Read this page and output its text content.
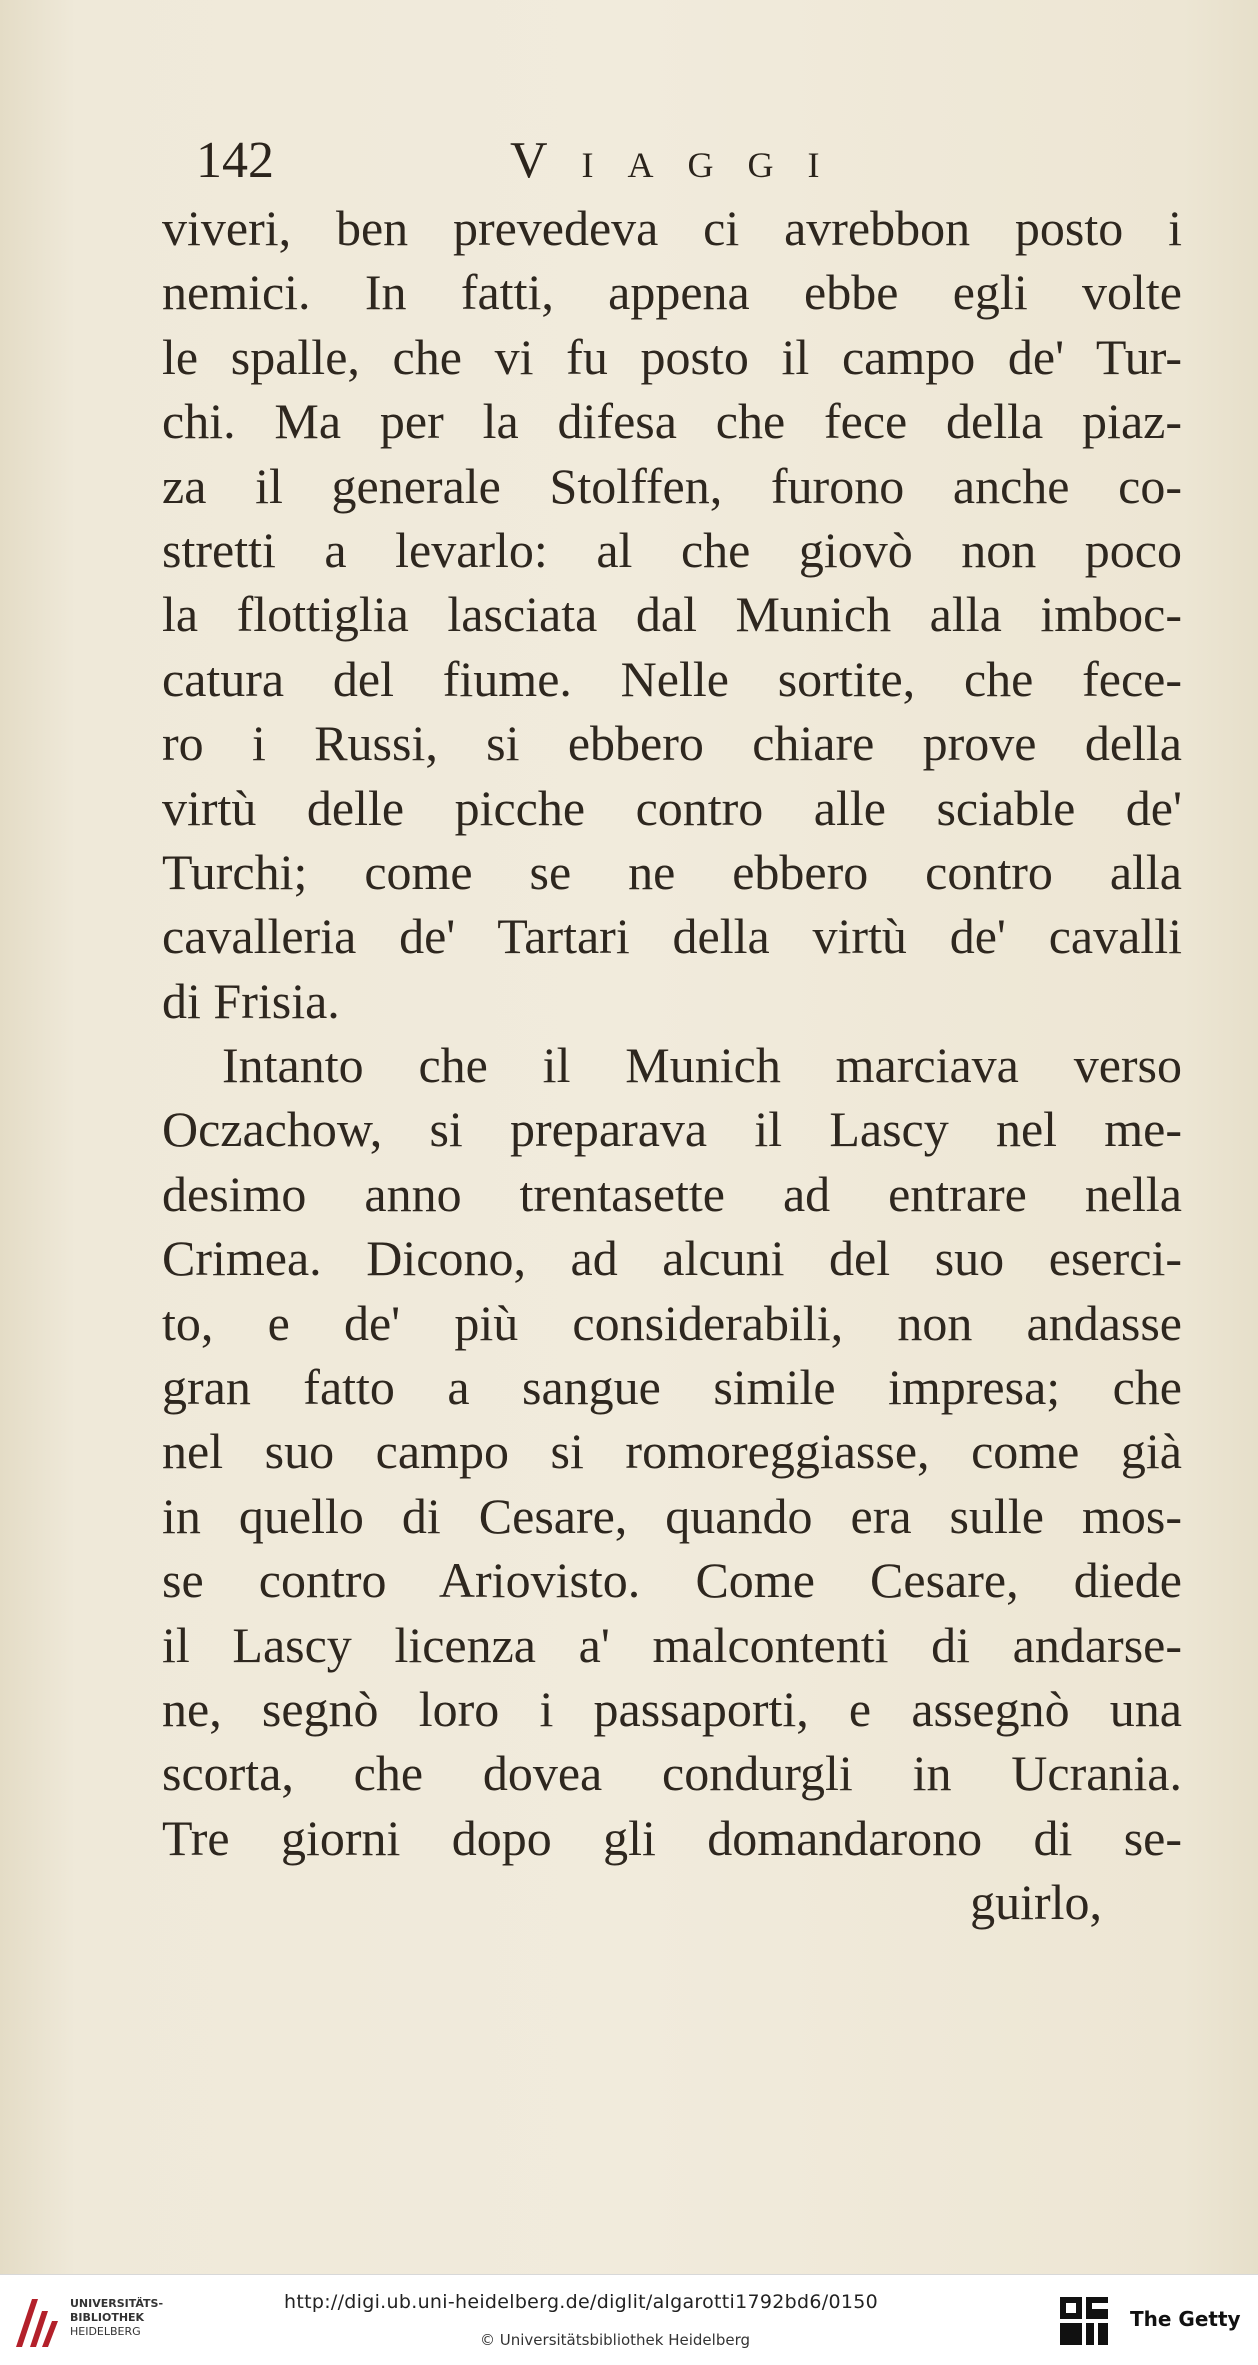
142	Viaggi
viveri, ben prevedeva ci avrebbon posto i
nemici. In fatti, appena ebbe egli volte
le spalle, che vi fu posto il campo de' Tur-
chi. Ma per la difesa che fece della piaz-
za il generale Stolffen, furono anche co-
stretti a levarlo: al che giovò non poco
la flottiglia lasciata dal Munich alla imboc-
catura del fiume. Nelle sortite, che fece-
ro i Russi, si ebbero chiare prove della
virtù delle picche contro alle sciable de'
Turchi; come se ne ebbero contro alla
cavalleria de' Tartari della virtù de' cavalli
di Frisia.
Intanto che il Munich marciava verso
Oczachow, si preparava il Lascy nel me-
desimo anno trentasette ad entrare nella
Crimea. Dicono, ad alcuni del suo eserci-
to, e de' più considerabili, non andasse
gran fatto a sangue simile impresa; che
nel suo campo si romoreggiasse, come già
in quello di Cesare, quando era sulle mos-
se contro Ariovisto. Come Cesare, diede
il Lascy licenza a' malcontenti di andarse-
ne, segnò loro i passaporti, e assegnò una
scorta, che dovea condurgli in Ucrania.
Tre giorni dopo gli domandarono di se-
guirlo,
UNIVERSITÄTS-
BIBLIOTHEK
HEIDELBERG
http://digi.ub.uni-heidelberg.de/diglit/algarotti1792bd6/0150
© Universitätsbibliothek Heidelberg
The Getty
